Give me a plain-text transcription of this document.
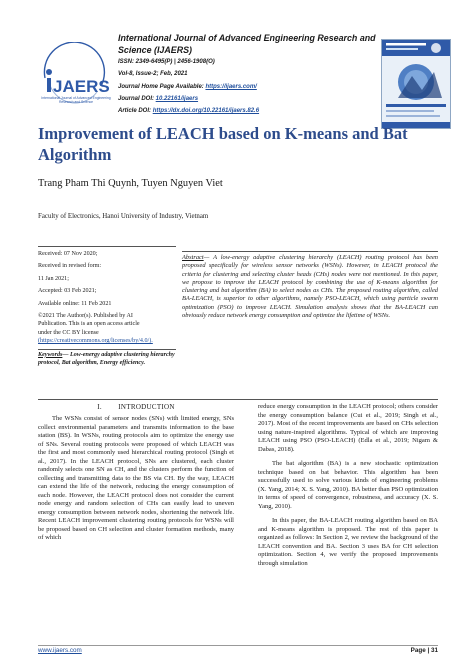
JAERS
International Journal of Advanced Engineering Research and Science
International Journal of Advanced Engineering Research and Science (IJAERS)
ISSN: 2349-6495(P) | 2456-1908(O)
Vol-8, Issue-2; Feb, 2021
Journal Home Page Available: https://ijaers.com/
Journal DOI: 10.22161/ijaers
Article DOI: https://dx.doi.org/10.22161/ijaers.82.6
Improvement of LEACH based on K-means and Bat Algorithm
Trang Pham Thi Quynh, Tuyen Nguyen Viet
Faculty of Electronics, Hanoi University of Industry, Vietnam
Received: 07 Nov 2020;
Received in revised form:
11 Jan 2021;
Accepted: 03 Feb 2021;
Available online: 11 Feb 2021
©2021 The Author(s). Published by AI
Publication. This is an open access article
under the CC BY license
(https://creativecommons.org/licenses/by/4.0/).
Keywords— Low-energy adaptive clustering hierarchy protocol, Bat algorithm, Energy efficiency.
Abstract— A low-energy adaptive clustering hierarchy (LEACH) routing protocol has been proposed specifically for wireless sensor networks (WSNs). However, in LEACH protocol the criteria for clustering and selecting cluster heads (CHs) nodes were not mentioned. In this paper, we propose to improve the LEACH protocol by combining the use of K-means algorithm for clustering and bat algorithm (BA) to select nodes as CHs. The proposed routing algorithm, called BA-LEACH, is superior to other algorithms, namely PSO-LEACH, which using particle swarm optimization (PSO) to improve LEACH. Simulation analysis shows that the BA-LEACH can obviously reduce network energy consumption and optimize the lifetime of WSNs.
I.        INTRODUCTION

The WSNs consist of sensor nodes (SNs) with limited energy, SNs collect environmental parameters and transmits information to the base station (BS). In WSNs, routing protocols aim to optimize the energy use of SNs. Several routing protocols were proposed of which LEACH was the first and most commonly used hierarchical routing protocol (Singh et al., 2017). In the LEACH protocol, SNs are clustered, each cluster randomly selects one SN as CH, and the clusters perform the function of collecting and transmitting data to the BS via CH. By the way, LEACH can extend the life of the network, reducing the energy consumption of each node. However, the LEACH protocol does not consider the current node energy and random selection of CHs can easily lead to uneven energy consumption between network nodes, shortening the network life. Recent LEACH improvement clustering routing protocols for WSNs will be proposed based on CH selection and cluster formation methods, many of which

reduce energy consumption in the LEACH protocol; others consider the energy consumption balance (Cui et al., 2019; Singh et al., 2017). Most of the recent improvements are based on CHs selection using nature-inspired algorithms. Typical of which are improving LEACH using PSO (PSO-LEACH) (Edla et al., 2019; Nigam & Dabas, 2018).

The bat algorithm (BA) is a new stochastic optimization technique based on bat behavior. This algorithm has been successfully used to solve various kinds of engineering problems (X. Yang, 2014; X. S. Yang, 2010). BA better than PSO optimization in terms of speed of convergence, robustness, and accuracy (X. S. Yang, 2010).

In this paper, the BA-LEACH routing algorithm based on BA and K-means algorithm is proposed. The rest of this paper is organized as follows: In Section 2, we review the background of the LEACH convention and BA. Section 3 uses BA for CH selection optimization. Section 4, we verify the proposed improvements through simulation

www.ijaers.com	Page | 31
